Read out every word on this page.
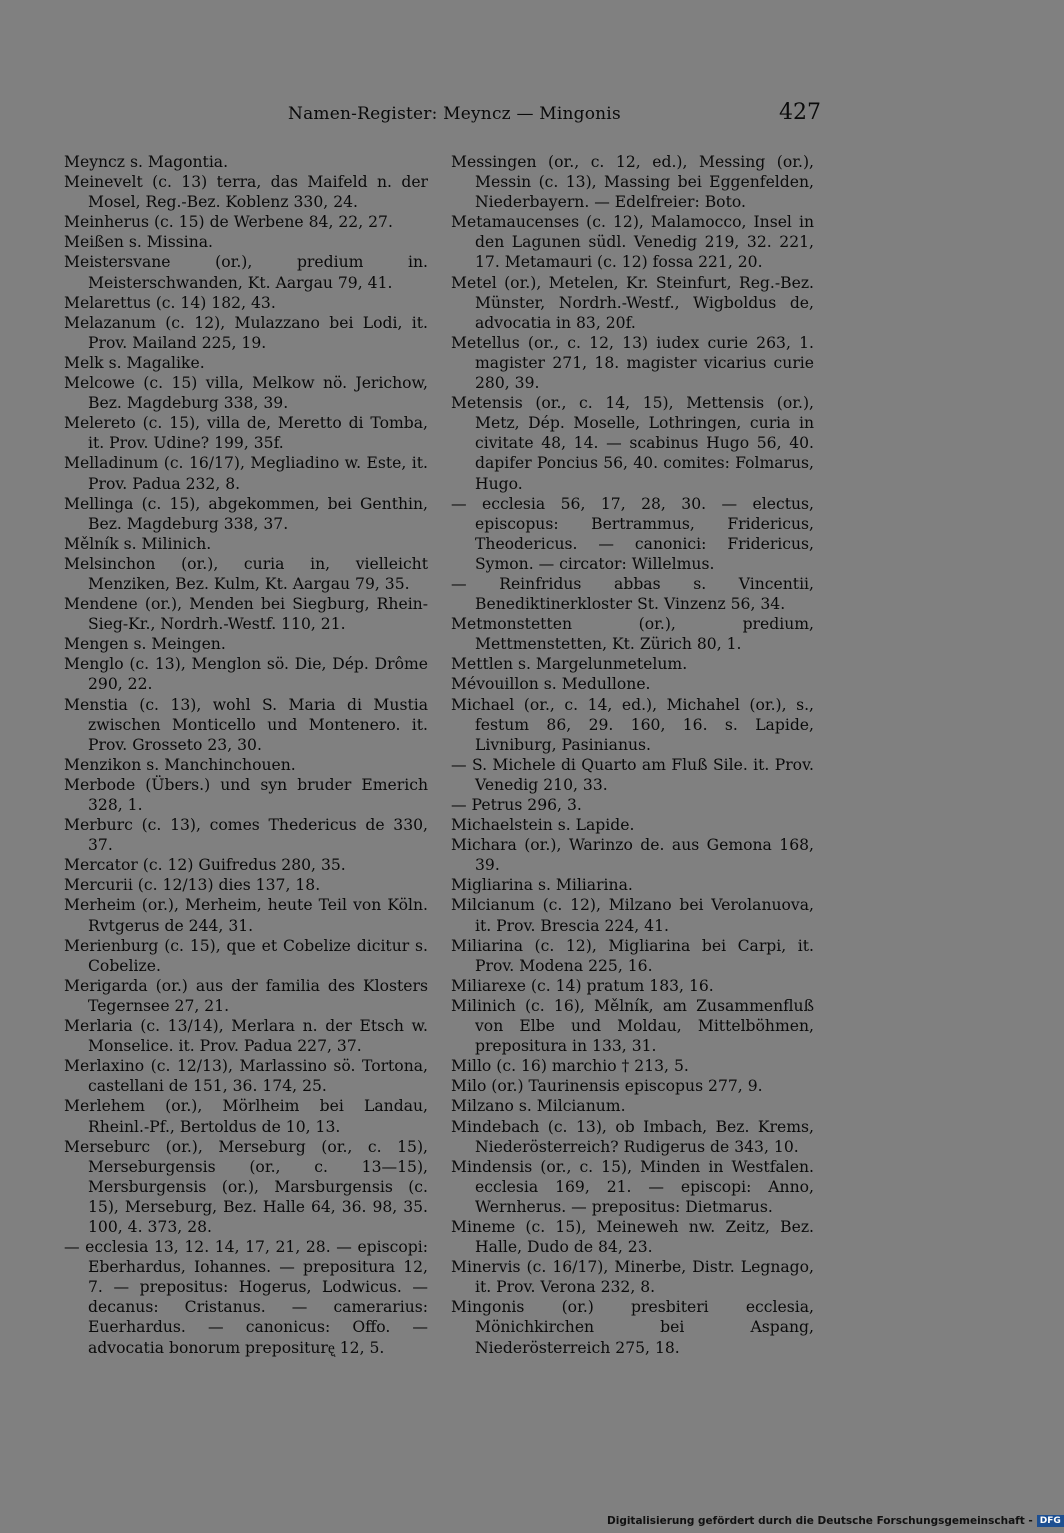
Namen-Register: Meyncz — Mingonis	427
Meyncz s. Magontia.
Meinevelt (c. 13) terra, das Maifeld n. der Mosel, Reg.-Bez. Koblenz 330, 24.
Meinherus (c. 15) de Werbene 84, 22, 27.
Meißen s. Missina.
Meistersvane (or.), predium in. Meisterschwanden, Kt. Aargau 79, 41.
Melarettus (c. 14) 182, 43.
Melazanum (c. 12), Mulazzano bei Lodi, it. Prov. Mailand 225, 19.
Melk s. Magalike.
Melcowe (c. 15) villa, Melkow nö. Jerichow, Bez. Magdeburg 338, 39.
Melereto (c. 15), villa de, Meretto di Tomba, it. Prov. Udine? 199, 35f.
Melladinum (c. 16/17), Megliadino w. Este, it. Prov. Padua 232, 8.
Mellinga (c. 15), abgekommen, bei Genthin, Bez. Magdeburg 338, 37.
Mělník s. Milinich.
Melsinchon (or.), curia in, vielleicht Menziken, Bez. Kulm, Kt. Aargau 79, 35.
Mendene (or.), Menden bei Siegburg, Rhein-Sieg-Kr., Nordrh.-Westf. 110, 21.
Mengen s. Meingen.
Menglo (c. 13), Menglon sö. Die, Dép. Drôme 290, 22.
Menstia (c. 13), wohl S. Maria di Mustia zwischen Monticello und Montenero. it. Prov. Grosseto 23, 30.
Menzikon s. Manchinchouen.
Merbode (Übers.) und syn bruder Emerich 328, 1.
Merburc (c. 13), comes Thedericus de 330, 37.
Mercator (c. 12) Guifredus 280, 35.
Mercurii (c. 12/13) dies 137, 18.
Merheim (or.), Merheim, heute Teil von Köln. Rvtgerus de 244, 31.
Merienburg (c. 15), que et Cobelize dicitur s. Cobelize.
Merigarda (or.) aus der familia des Klosters Tegernsee 27, 21.
Merlaria (c. 13/14), Merlara n. der Etsch w. Monselice. it. Prov. Padua 227, 37.
Merlaxino (c. 12/13), Marlassino sö. Tortona, castellani de 151, 36. 174, 25.
Merlehem (or.), Mörlheim bei Landau, Rheinl.-Pf., Bertoldus de 10, 13.
Merseburc (or.), Merseburg (or., c. 15), Merseburgensis (or., c. 13—15), Mersburgensis (or.), Marsburgensis (c. 15), Merseburg, Bez. Halle 64, 36. 98, 35. 100, 4. 373, 28.
— ecclesia 13, 12. 14, 17, 21, 28. — episcopi: Eberhardus, Iohannes. — prepositura 12, 7. — prepositus: Hogerus, Lodwicus. — decanus: Cristanus. — camerarius: Euerhardus. — canonicus: Offo. — advocatia bonorum preposituręͅ 12, 5.
Messingen (or., c. 12, ed.), Messing (or.), Messin (c. 13), Massing bei Eggenfelden, Niederbayern. — Edelfreier: Boto.
Metamaucenses (c. 12), Malamocco, Insel in den Lagunen südl. Venedig 219, 32. 221, 17. Metamauri (c. 12) fossa 221, 20.
Metel (or.), Metelen, Kr. Steinfurt, Reg.-Bez. Münster, Nordrh.-Westf., Wigboldus de, advocatia in 83, 20f.
Metellus (or., c. 12, 13) iudex curie 263, 1. magister 271, 18. magister vicarius curie 280, 39.
Metensis (or., c. 14, 15), Mettensis (or.), Metz, Dép. Moselle, Lothringen, curia in civitate 48, 14. — scabinus Hugo 56, 40. dapifer Poncius 56, 40. comites: Folmarus, Hugo.
— ecclesia 56, 17, 28, 30. — electus, episcopus: Bertrammus, Fridericus, Theodericus. — canonici: Fridericus, Symon. — circator: Willelmus.
— Reinfridus abbas s. Vincentii, Benediktinerkloster St. Vinzenz 56, 34.
Metmonstetten (or.), predium, Mettmenstetten, Kt. Zürich 80, 1.
Mettlen s. Margelunmetelum.
Mévouillon s. Medullone.
Michael (or., c. 14, ed.), Michahel (or.), s., festum 86, 29. 160, 16. s. Lapide, Livniburg, Pasinianus.
— S. Michele di Quarto am Fluß Sile. it. Prov. Venedig 210, 33.
— Petrus 296, 3.
Michaelstein s. Lapide.
Michara (or.), Warinzo de. aus Gemona 168, 39.
Migliarina s. Miliarina.
Milcianum (c. 12), Milzano bei Verolanuova, it. Prov. Brescia 224, 41.
Miliarina (c. 12), Migliarina bei Carpi, it. Prov. Modena 225, 16.
Miliarexe (c. 14) pratum 183, 16.
Milinich (c. 16), Mělník, am Zusammenfluß von Elbe und Moldau, Mittelböhmen, prepositura in 133, 31.
Millo (c. 16) marchio † 213, 5.
Milo (or.) Taurinensis episcopus 277, 9.
Milzano s. Milcianum.
Mindebach (c. 13), ob Imbach, Bez. Krems, Niederösterreich? Rudigerus de 343, 10.
Mindensis (or., c. 15), Minden in Westfalen. ecclesia 169, 21. — episcopi: Anno, Wernherus. — prepositus: Dietmarus.
Mineme (c. 15), Meineweh nw. Zeitz, Bez. Halle, Dudo de 84, 23.
Minervis (c. 16/17), Minerbe, Distr. Legnago, it. Prov. Verona 232, 8.
Mingonis (or.) presbiteri ecclesia, Mönichkirchen bei Aspang, Niederösterreich 275, 18.
Digitalisierung gefördert durch die Deutsche Forschungsgemeinschaft - DFG
